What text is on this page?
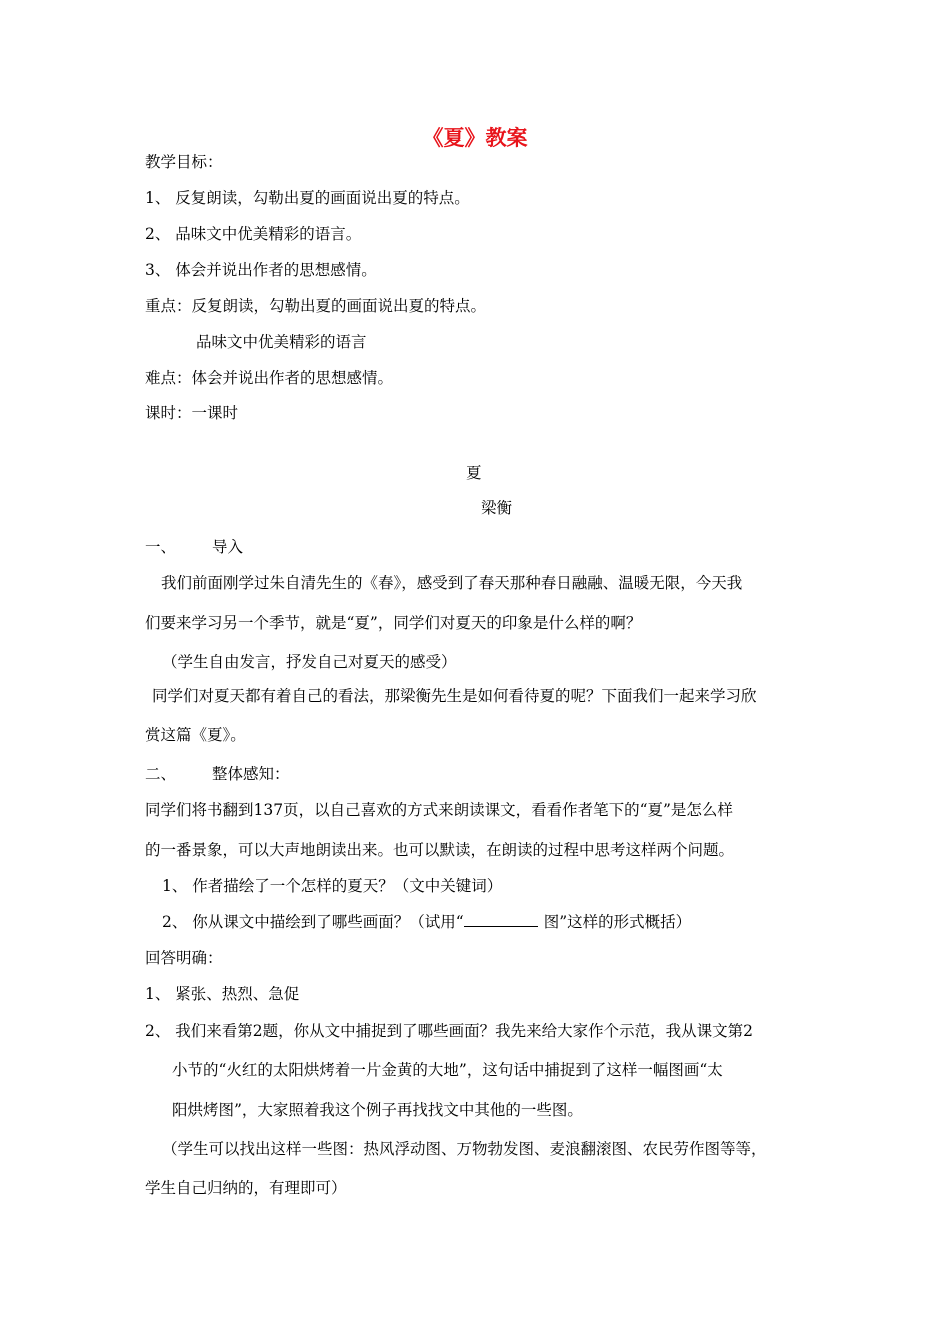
《夏》教案
教学目标：
1、 反复朗读，勾勒出夏的画面说出夏的特点。
2、 品味文中优美精彩的语言。
3、 体会并说出作者的思想感情。
重点：反复朗读，勾勒出夏的画面说出夏的特点。
品味文中优美精彩的语言
难点：体会并说出作者的思想感情。
课时：一课时
夏
梁衡
一、 导入
我们前面刚学过朱自清先生的《春》，感受到了春天那种春日融融、温暖无限，今天我
们要来学习另一个季节，就是“夏”，同学们对夏天的印象是什么样的啊？
（学生自由发言，抒发自己对夏天的感受）
同学们对夏天都有着自己的看法，那梁衡先生是如何看待夏的呢？下面我们一起来学习欣
赏这篇《夏》。
二、 整体感知：
同学们将书翻到137页，以自己喜欢的方式来朗读课文，看看作者笔下的“夏”是怎么样
的一番景象，可以大声地朗读出来。也可以默读，在朗读的过程中思考这样两个问题。
1、 作者描绘了一个怎样的夏天？（文中关键词）
2、 你从课文中描绘到了哪些画面？（试用“	图”这样的形式概括）
回答明确：
1、 紧张、热烈、急促
2、 我们来看第2题，你从文中捕捉到了哪些画面？我先来给大家作个示范，我从课文第2
小节的“火红的太阳烘烤着一片金黄的大地”，这句话中捕捉到了这样一幅图画“太
阳烘烤图”，大家照着我这个例子再找找文中其他的一些图。
（学生可以找出这样一些图：热风浮动图、万物勃发图、麦浪翻滚图、农民劳作图等等，
学生自己归纳的，有理即可）
